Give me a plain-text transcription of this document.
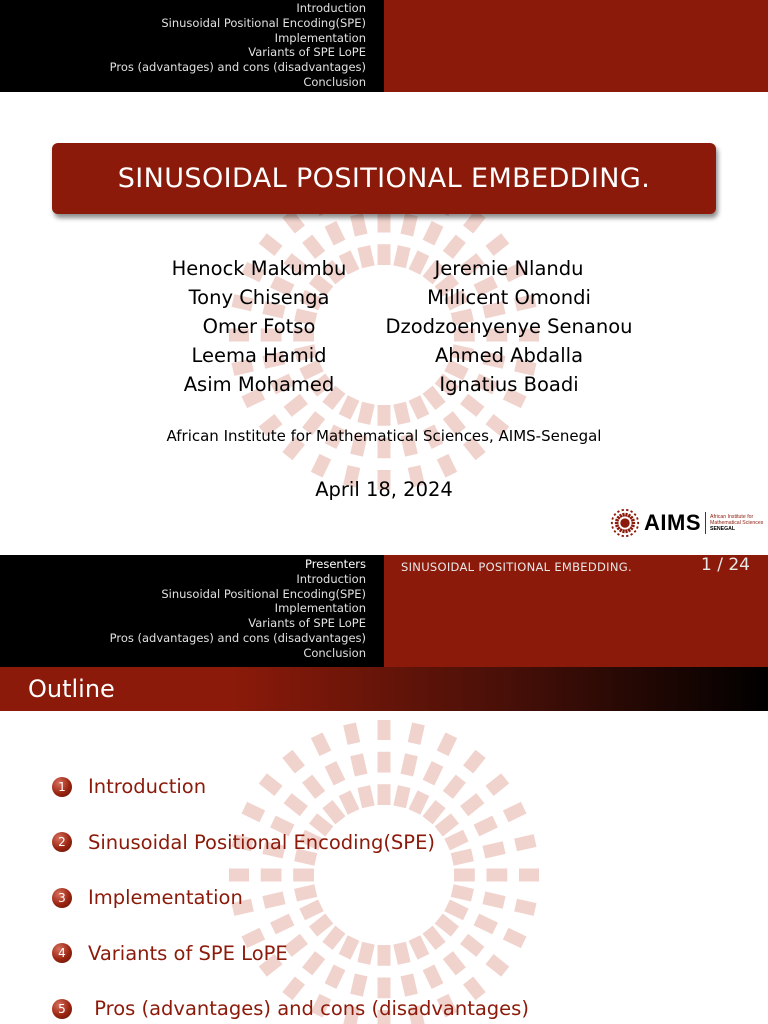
Introduction
Sinusoidal Positional Encoding(SPE)
Implementation
Variants of SPE LoPE
Pros (advantages) and cons (disadvantages)
Conclusion
SINUSOIDAL POSITIONAL EMBEDDING.
Henock Makumbu	Jeremie Nlandu
Tony Chisenga	Millicent Omondi
Omer Fotso	Dzodzoenyenye Senanou
Leema Hamid	Ahmed Abdalla
Asim Mohamed	Ignatius Boadi
African Institute for Mathematical Sciences, AIMS-Senegal
April 18, 2024
AIMS African Institute for
Mathematical Sciences
SENEGAL
Presenters
Introduction
Sinusoidal Positional Encoding(SPE)
Implementation
Variants of SPE LoPE
Pros (advantages) and cons (disadvantages)
Conclusion
SINUSOIDAL POSITIONAL EMBEDDING.	1 / 24
Outline
1	Introduction
2	Sinusoidal Positional Encoding(SPE)
3	Implementation
4	Variants of SPE LoPE
5	Pros (advantages) and cons (disadvantages)
